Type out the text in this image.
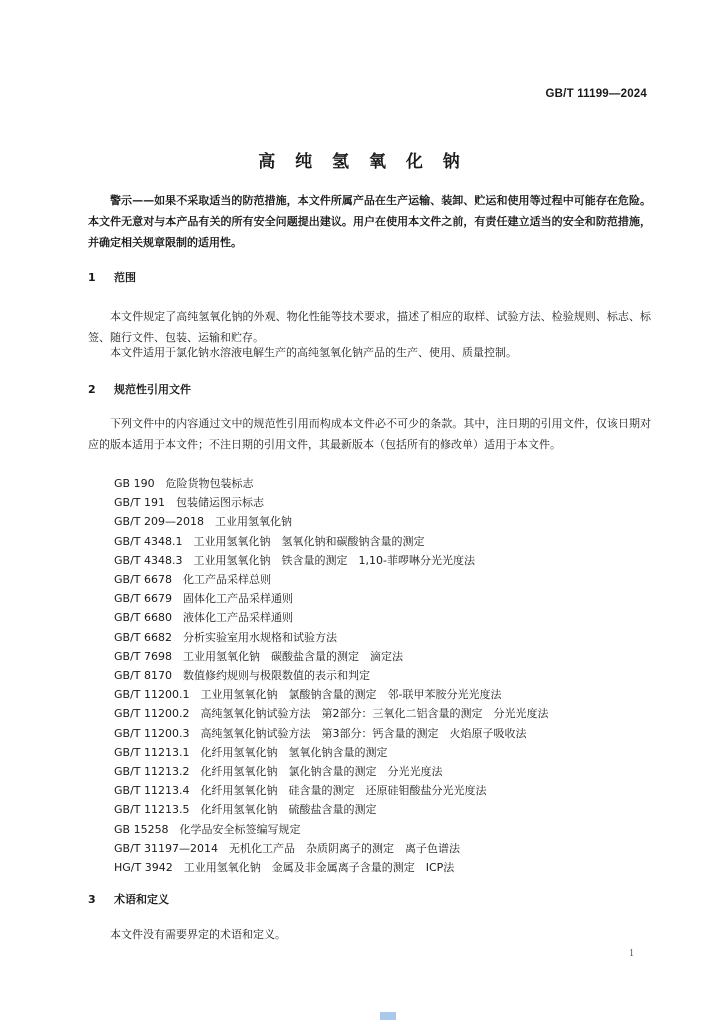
GB/T 11199—2024
高 纯 氢 氧 化 钠
警示——如果不采取适当的防范措施，本文件所属产品在生产运输、装卸、贮运和使用等过程中可能存在危险。本文件无意对与本产品有关的所有安全问题提出建议。用户在使用本文件之前，有责任建立适当的安全和防范措施，并确定相关规章限制的适用性。
1 范围
本文件规定了高纯氢氧化钠的外观、物化性能等技术要求，描述了相应的取样、试验方法、检验规则、标志、标签、随行文件、包装、运输和贮存。
本文件适用于氯化钠水溶液电解生产的高纯氢氧化钠产品的生产、使用、质量控制。
2 规范性引用文件
下列文件中的内容通过文中的规范性引用而构成本文件必不可少的条款。其中，注日期的引用文件，仅该日期对应的版本适用于本文件；不注日期的引用文件，其最新版本（包括所有的修改单）适用于本文件。
GB 190　危险货物包装标志
GB/T 191　包装储运图示标志
GB/T 209—2018　工业用氢氧化钠
GB/T 4348.1　工业用氢氧化钠　氢氧化钠和碳酸钠含量的测定
GB/T 4348.3　工业用氢氧化钠　铁含量的测定　1,10-菲啰啉分光光度法
GB/T 6678　化工产品采样总则
GB/T 6679　固体化工产品采样通则
GB/T 6680　液体化工产品采样通则
GB/T 6682　分析实验室用水规格和试验方法
GB/T 7698　工业用氢氧化钠　碳酸盐含量的测定　滴定法
GB/T 8170　数值修约规则与极限数值的表示和判定
GB/T 11200.1　工业用氢氧化钠　氯酸钠含量的测定　邻-联甲苯胺分光光度法
GB/T 11200.2　高纯氢氧化钠试验方法　第2部分：三氧化二铝含量的测定　分光光度法
GB/T 11200.3　高纯氢氧化钠试验方法　第3部分：钙含量的测定　火焰原子吸收法
GB/T 11213.1　化纤用氢氧化钠　氢氧化钠含量的测定
GB/T 11213.2　化纤用氢氧化钠　氯化钠含量的测定　分光光度法
GB/T 11213.4　化纤用氢氧化钠　硅含量的测定　还原硅钼酸盐分光光度法
GB/T 11213.5　化纤用氢氧化钠　硫酸盐含量的测定
GB 15258　化学品安全标签编写规定
GB/T 31197—2014　无机化工产品　杂质阴离子的测定　离子色谱法
HG/T 3942　工业用氢氧化钠　金属及非金属离子含量的测定　ICP法
3 术语和定义
本文件没有需要界定的术语和定义。
1
